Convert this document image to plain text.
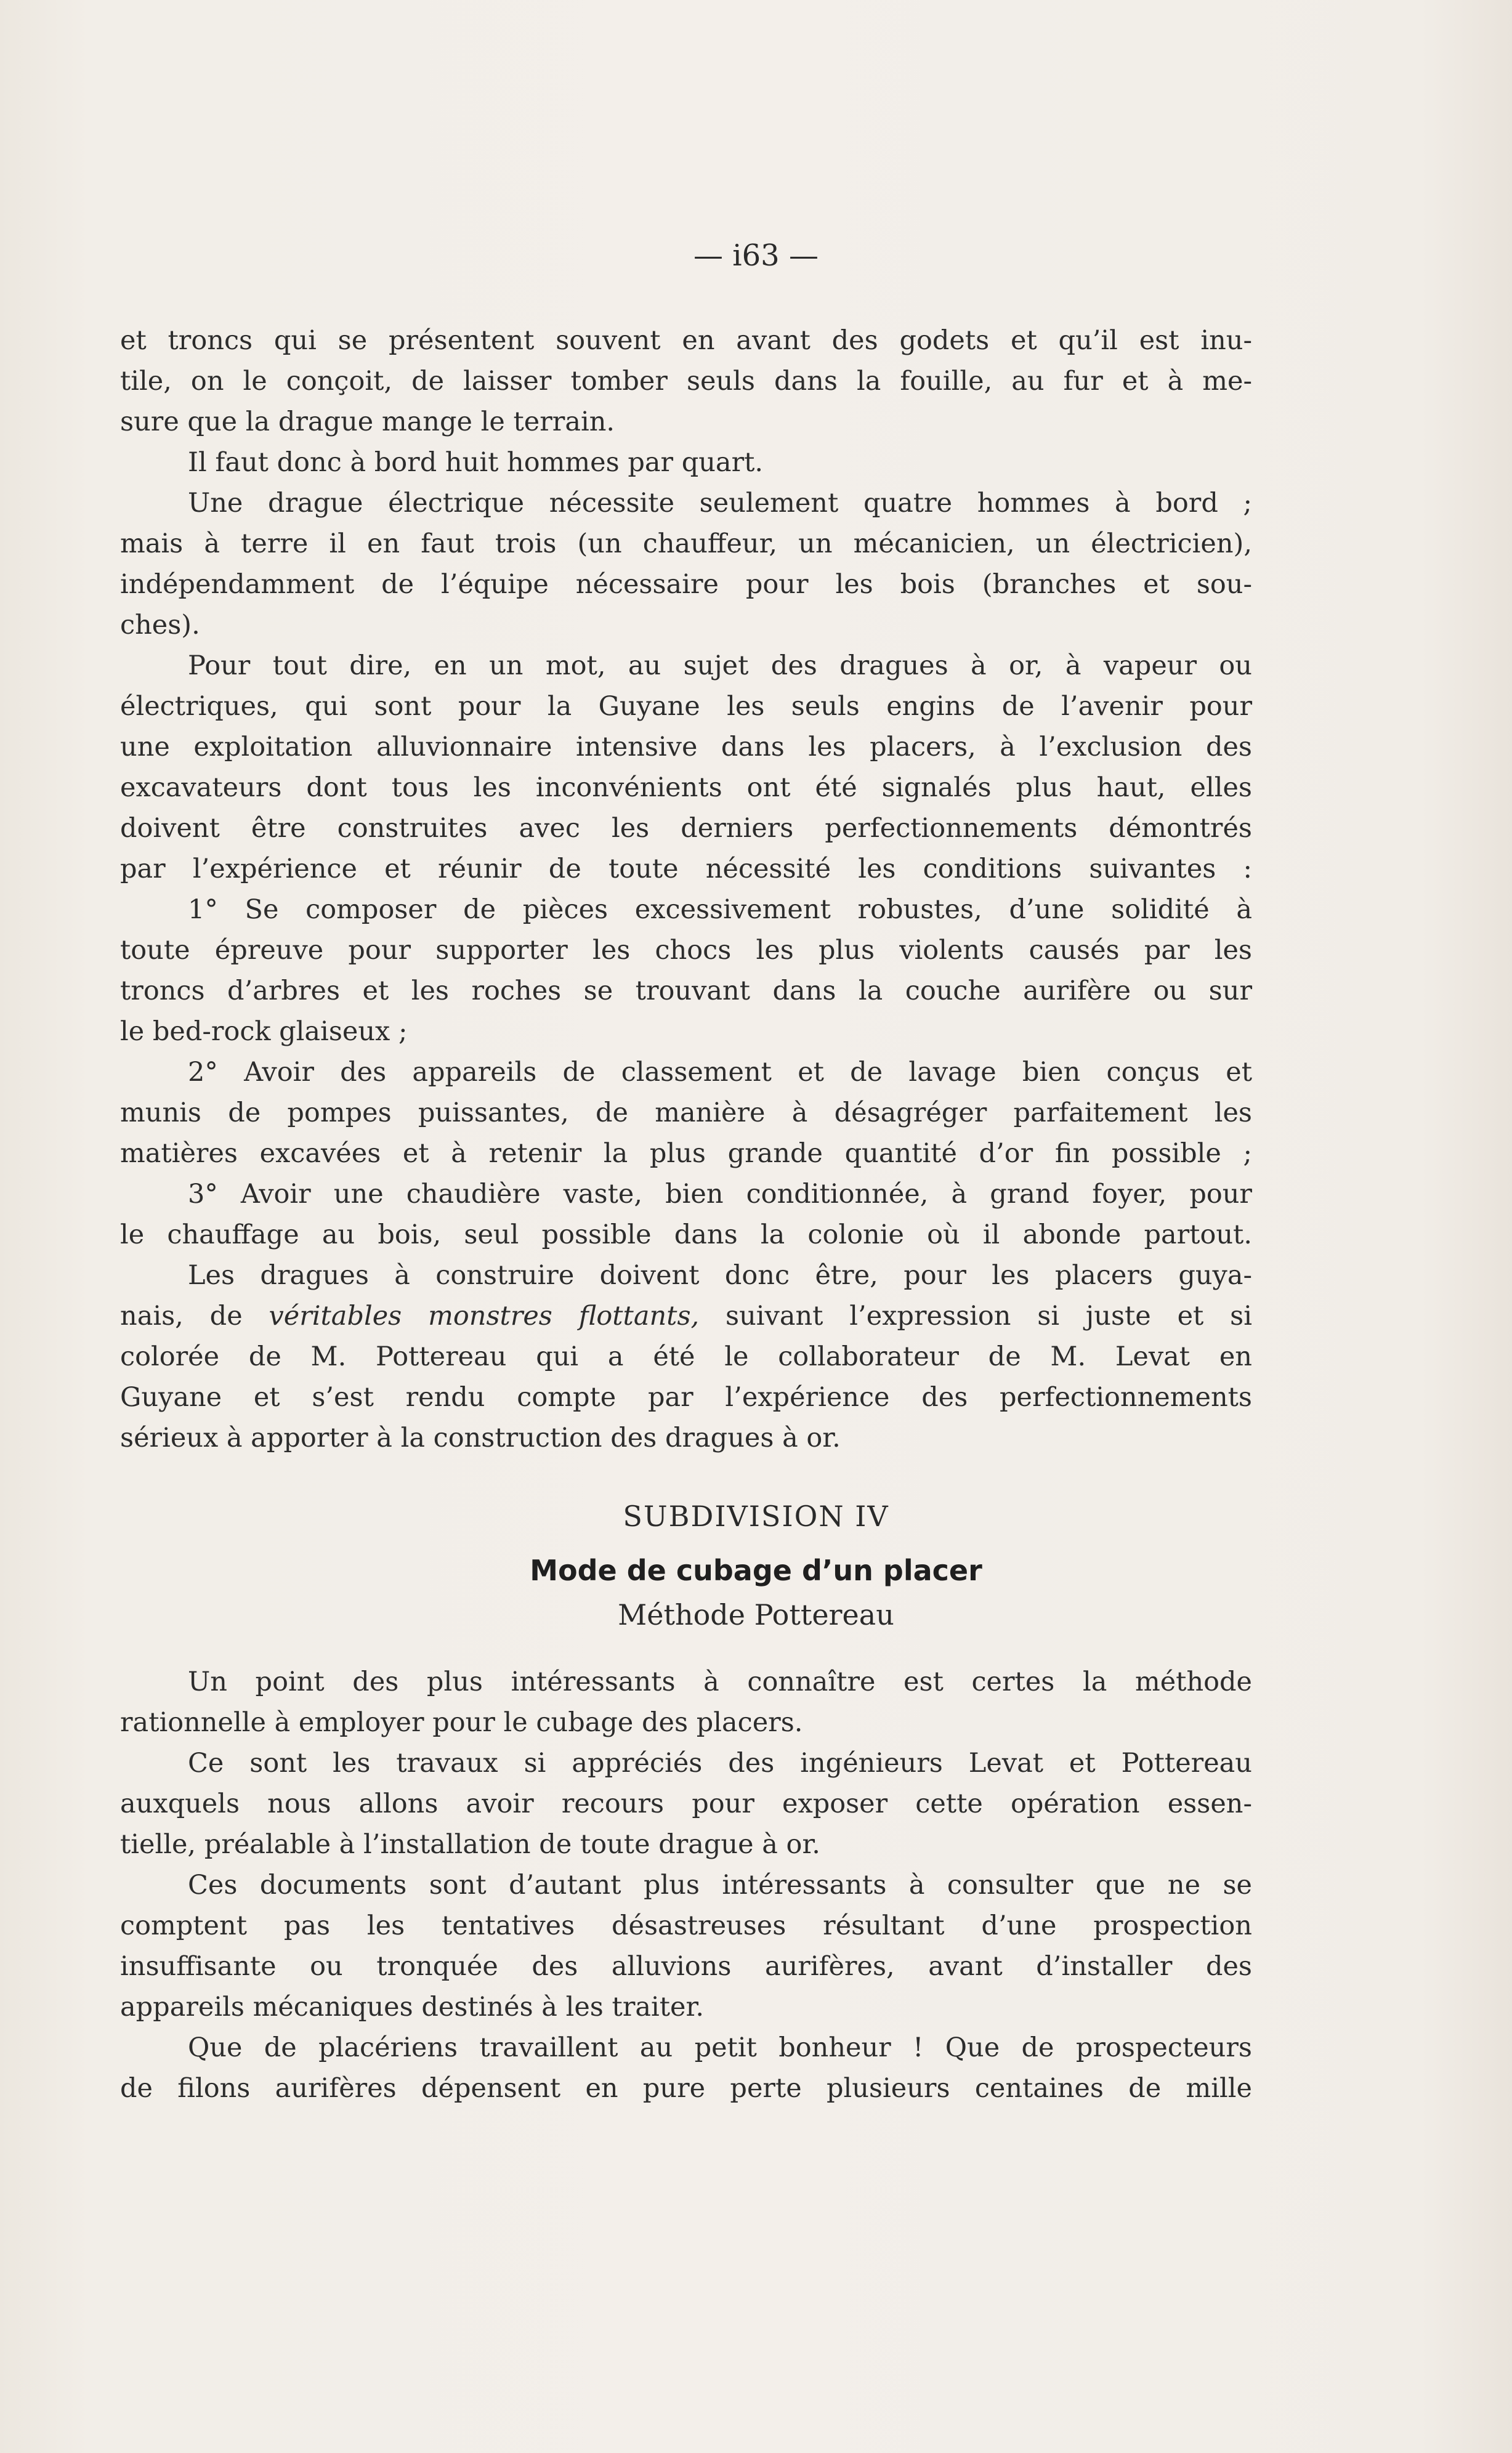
— i63 —
et troncs qui se présentent souvent en avant des godets et qu’il est inu-
tile, on le conçoit, de laisser tomber seuls dans la fouille, au fur et à me-
sure que la drague mange le terrain.
Il faut donc à bord huit hommes par quart.
Une drague électrique nécessite seulement quatre hommes à bord ;
mais à terre il en faut trois (un chauffeur, un mécanicien, un électricien),
indépendamment de l’équipe nécessaire pour les bois (branches et sou-
ches).
Pour tout dire, en un mot, au sujet des dragues à or, à vapeur ou
électriques, qui sont pour la Guyane les seuls engins de l’avenir pour
une exploitation alluvionnaire intensive dans les placers, à l’exclusion des
excavateurs dont tous les inconvénients ont été signalés plus haut, elles
doivent être construites avec les derniers perfectionnements démontrés
par l’expérience et réunir de toute nécessité les conditions suivantes :
1° Se composer de pièces excessivement robustes, d’une solidité à
toute épreuve pour supporter les chocs les plus violents causés par les
troncs d’arbres et les roches se trouvant dans la couche aurifère ou sur
le bed-rock glaiseux ;
2° Avoir des appareils de classement et de lavage bien conçus et
munis de pompes puissantes, de manière à désagréger parfaitement les
matières excavées et à retenir la plus grande quantité d’or fin possible ;
3° Avoir une chaudière vaste, bien conditionnée, à grand foyer, pour
le chauffage au bois, seul possible dans la colonie où il abonde partout.
Les dragues à construire doivent donc être, pour les placers guya-
nais, de véritables monstres flottants, suivant l’expression si juste et si
colorée de M. Pottereau qui a été le collaborateur de M. Levat en
Guyane et s’est rendu compte par l’expérience des perfectionnements
sérieux à apporter à la construction des dragues à or.
SUBDIVISION IV
Mode de cubage d’un placer
Méthode Pottereau
Un point des plus intéressants à connaître est certes la méthode
rationnelle à employer pour le cubage des placers.
Ce sont les travaux si appréciés des ingénieurs Levat et Pottereau
auxquels nous allons avoir recours pour exposer cette opération essen-
tielle, préalable à l’installation de toute drague à or.
Ces documents sont d’autant plus intéressants à consulter que ne se
comptent pas les tentatives désastreuses résultant d’une prospection
insuffisante ou tronquée des alluvions aurifères, avant d’installer des
appareils mécaniques destinés à les traiter.
Que de placériens travaillent au petit bonheur ! Que de prospecteurs
de filons aurifères dépensent en pure perte plusieurs centaines de mille
